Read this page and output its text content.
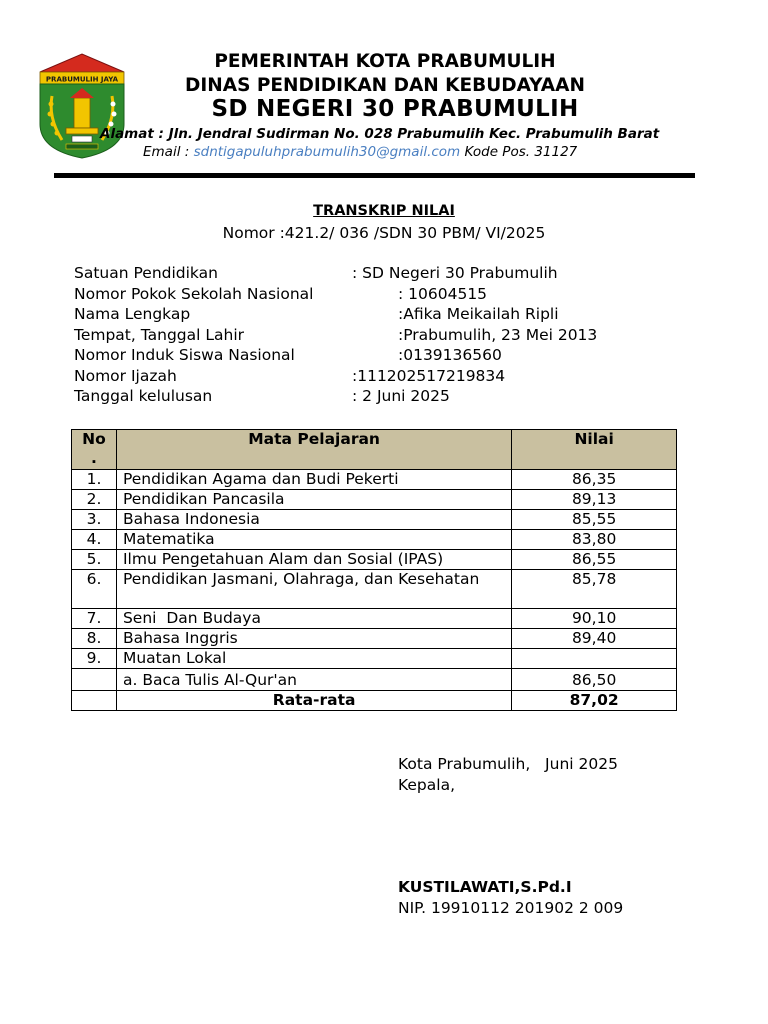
PRABUMULIH JAYA
PEMERINTAH KOTA PRABUMULIH
DINAS PENDIDIKAN DAN KEBUDAYAAN
SD NEGERI 30 PRABUMULIH
Alamat : Jln. Jendral Sudirman No. 028 Prabumulih Kec. Prabumulih Barat
Email : sdntigapuluhprabumulih30@gmail.com Kode Pos. 31127
TRANSKRIP NILAI
Nomor :421.2/ 036 /SDN 30 PBM/ VI/2025
Satuan Pendidikan	: SD Negeri 30 Prabumulih
Nomor Pokok Sekolah Nasional	: 10604515
Nama Lengkap	:Afika Meikailah Ripli
Tempat, Tanggal Lahir	:Prabumulih, 23 Mei 2013
Nomor Induk Siswa Nasional	:0139136560
Nomor Ijazah	:111202517219834
Tanggal kelulusan	: 2 Juni 2025
No
.	Mata Pelajaran	Nilai
1.	Pendidikan Agama dan Budi Pekerti	86,35
2.	Pendidikan Pancasila	89,13
3.	Bahasa Indonesia	85,55
4.	Matematika	83,80
5.	Ilmu Pengetahuan Alam dan Sosial (IPAS)	86,55
6.	Pendidikan Jasmani, Olahraga, dan Kesehatan	85,78
7.	Seni  Dan Budaya	90,10
8.	Bahasa Inggris	89,40
9.	Muatan Lokal	
	a. Baca Tulis Al-Qur'an	86,50
	Rata-rata	87,02
Kota Prabumulih,   Juni 2025
Kepala,
KUSTILAWATI,S.Pd.I
NIP. 19910112 201902 2 009
